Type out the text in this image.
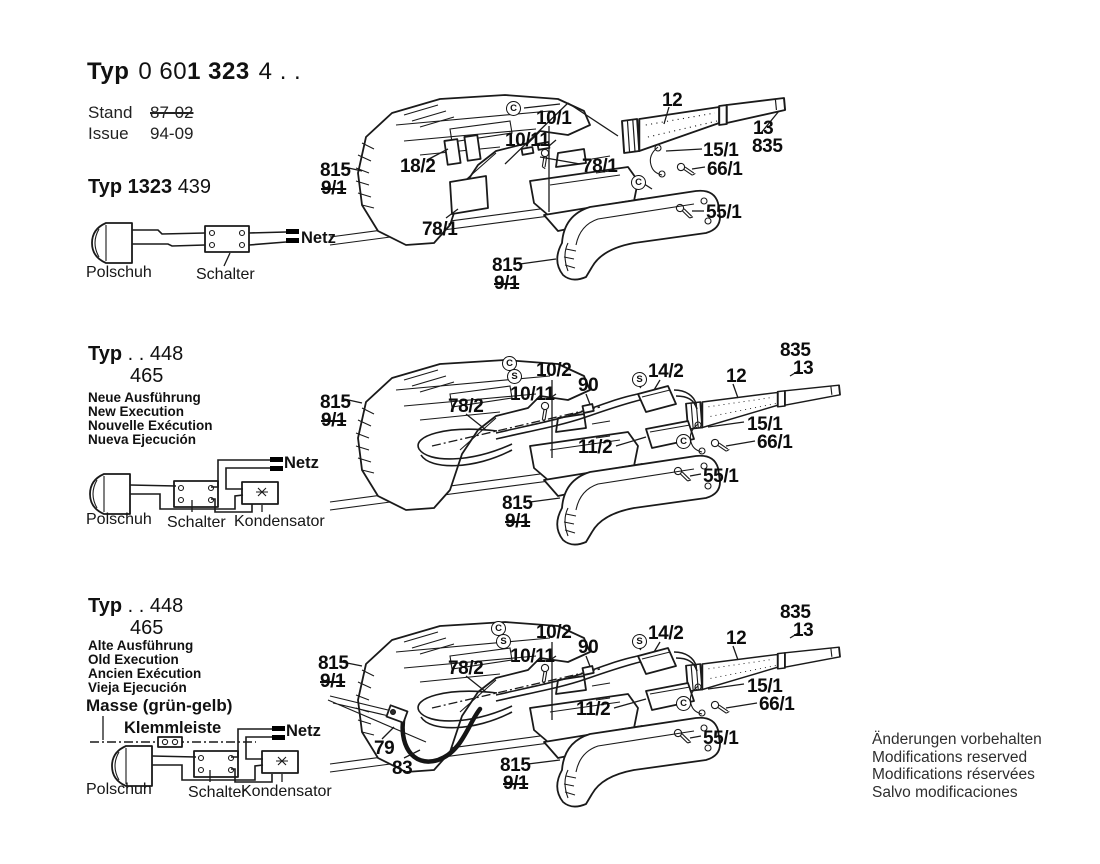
Typ 0 601 323 4 . .
Stand 87-02
Issue 94-09
Typ 1323 439
Polschuh	Schalter
Netz
Typ . . 448
465
Neue Ausführung
New Execution
Nouvelle Exécution
Nueva Ejecución
Polschuh Schalter Kondensator
Netz
Typ . . 448
465
Alte Ausführung
Old Execution
Ancien Exécution
Vieja Ejecución
Masse (grün-gelb)
Klemmleiste
Polschuh Schalter
Kondensator
Netz	Änderungen vorbehalten
Modifications reserved
Modifications réservées
Salvo modificaciones
815
9/1
18/2
78/1
10/1
10/11
78/1
12
13
835
15/1
66/1
55/1
815
9/1
C
C
815
9/1
78/2
10/2
10/11 90
14/2 12
835
13
15/1
66/1
11/2
55/1
815
9/1
C
S	S
C
815
9/1
78/2
10/2
10/11 90
14/2 12
835
13
15/1
66/1
11/2
55/1
79
83	815
9/1
C
S	S
C
